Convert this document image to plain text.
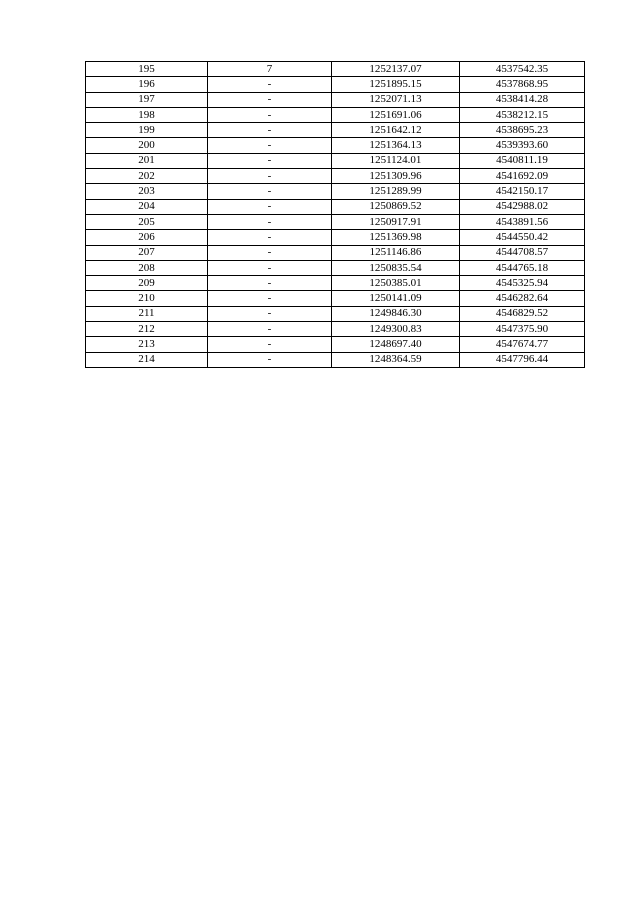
195	7	1252137.07	4537542.35
196	-	1251895.15	4537868.95
197	-	1252071.13	4538414.28
198	-	1251691.06	4538212.15
199	-	1251642.12	4538695.23
200	-	1251364.13	4539393.60
201	-	1251124.01	4540811.19
202	-	1251309.96	4541692.09
203	-	1251289.99	4542150.17
204	-	1250869.52	4542988.02
205	-	1250917.91	4543891.56
206	-	1251369.98	4544550.42
207	-	1251146.86	4544708.57
208	-	1250835.54	4544765.18
209	-	1250385.01	4545325.94
210	-	1250141.09	4546282.64
211	-	1249846.30	4546829.52
212	-	1249300.83	4547375.90
213	-	1248697.40	4547674.77
214	-	1248364.59	4547796.44
